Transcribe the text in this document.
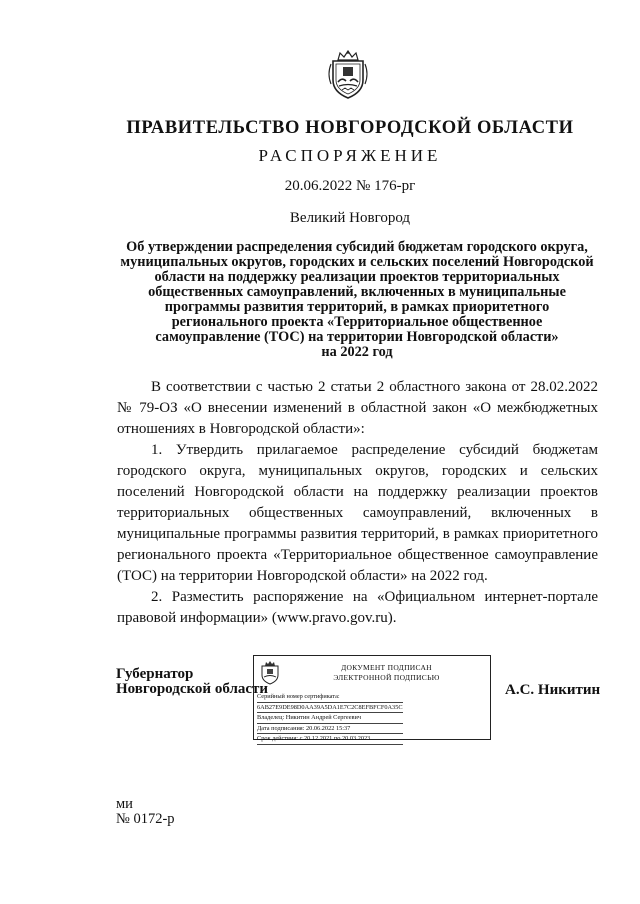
ПРАВИТЕЛЬСТВО НОВГОРОДСКОЙ ОБЛАСТИ
РАСПОРЯЖЕНИЕ
20.06.2022 № 176-рг
Великий Новгород
Об утверждении распределения субсидий бюджетам городского округа,
муниципальных округов, городских и сельских поселений Новгородской
области на поддержку реализации проектов территориальных
общественных самоуправлений, включенных в муниципальные
программы развития территорий, в рамках приоритетного
регионального проекта «Территориальное общественное
самоуправление (ТОС) на территории Новгородской области»
на 2022 год

В соответствии с частью 2 статьи 2 областного закона от 28.02.2022 № 79-ОЗ «О внесении изменений в областной закон «О межбюджетных отношениях в Новгородской области»:

1. Утвердить прилагаемое распределение субсидий бюджетам городского округа, муниципальных округов, городских и сельских поселений Новгородской области на поддержку реализации проектов территориальных общественных самоуправлений, включенных в муниципальные программы развития территорий, в рамках приоритетного регионального проекта «Территориальное общественное самоуправление (ТОС) на территории Новгородской области» на 2022 год.

2. Разместить распоряжение на «Официальном интернет-портале правовой информации» (www.pravo.gov.ru).

Губернатор
Новгородской области
ДОКУМЕНТ ПОДПИСАН
ЭЛЕКТРОННОЙ ПОДПИСЬЮ
Серийный номер сертификата:
6AB27E9DE98D0AA39A5DA1E7C2C8EFBFCF0A35C
Владелец: Никитин Андрей Сергеевич
Дата подписания: 20.06.2022 15:37
Срок действия: с 20.12.2021 по 20.03.2023
А.С. Никитин
ми
№ 0172-р
